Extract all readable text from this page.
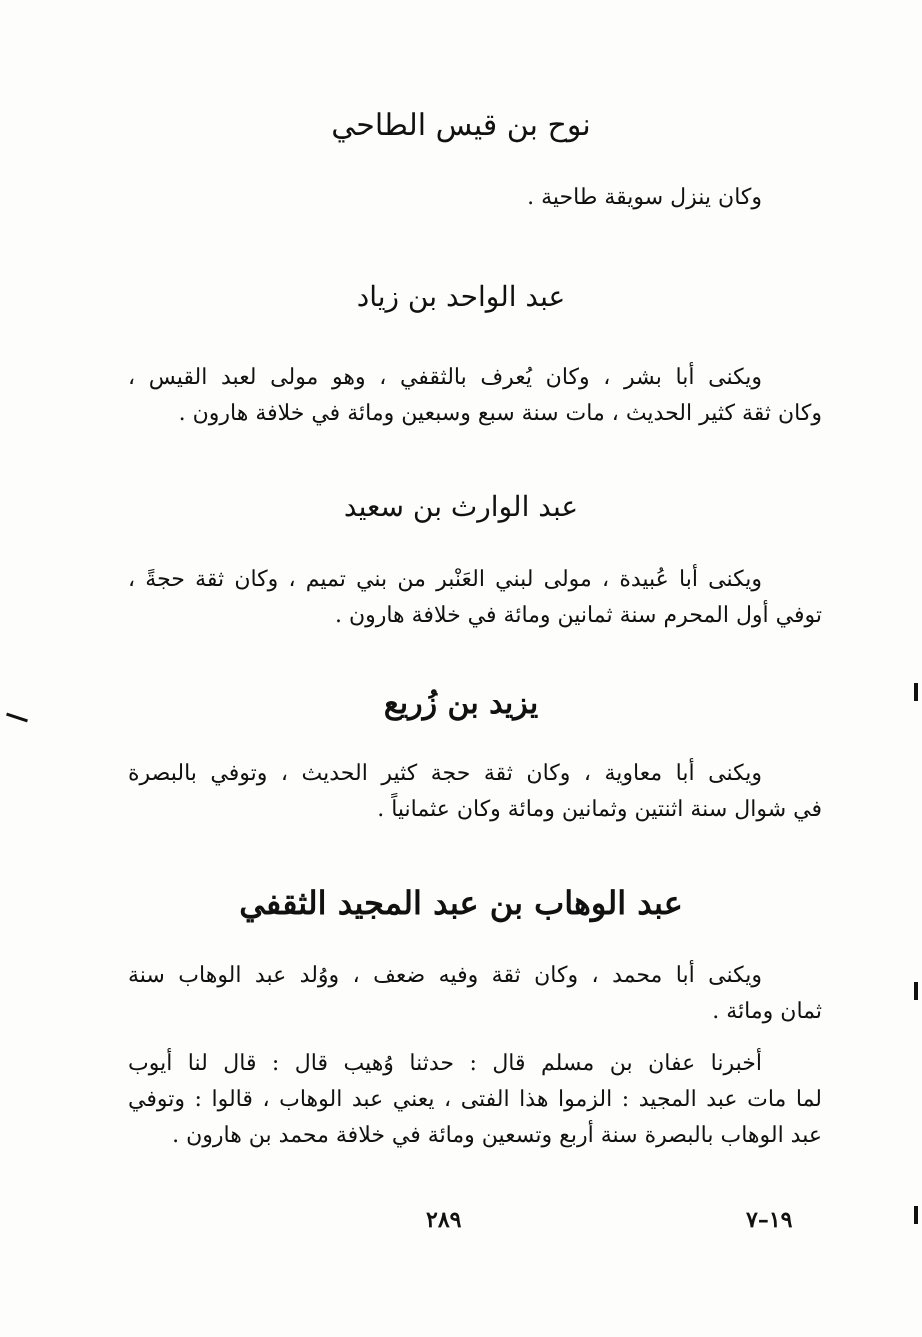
نوح بن قيس الطاحي
وكان ينزل سويقة طاحية .
عبد الواحد بن زياد
ويكنى أبا بشر ، وكان يُعرف بالثقفي ، وهو مولى لعبد القيس ،
وكان ثقة كثير الحديث ، مات سنة سبع وسبعين ومائة في خلافة هارون .
عبد الوارث بن سعيد
ويكنى أبا عُبيدة ، مولى لبني العَنْبر من بني تميم ، وكان ثقة حجةً ،
توفي أول المحرم سنة ثمانين ومائة في خلافة هارون .
يزيد بن زُريع
ويكنى أبا معاوية ، وكان ثقة حجة كثير الحديث ، وتوفي بالبصرة
في شوال سنة اثنتين وثمانين ومائة وكان عثمانياً .
عبد الوهاب بن عبد المجيد الثقفي
ويكنى أبا محمد ، وكان ثقة وفيه ضعف ، ووُلد عبد الوهاب سنة
ثمان ومائة .
أخبرنا عفان بن مسلم قال : حدثنا وُهيب قال : قال لنا أيوب
لما مات عبد المجيد : الزموا هذا الفتى ، يعني عبد الوهاب ، قالوا : وتوفي
عبد الوهاب بالبصرة سنة أربع وتسعين ومائة في خلافة محمد بن هارون .
٢٨٩	١٩–٧
